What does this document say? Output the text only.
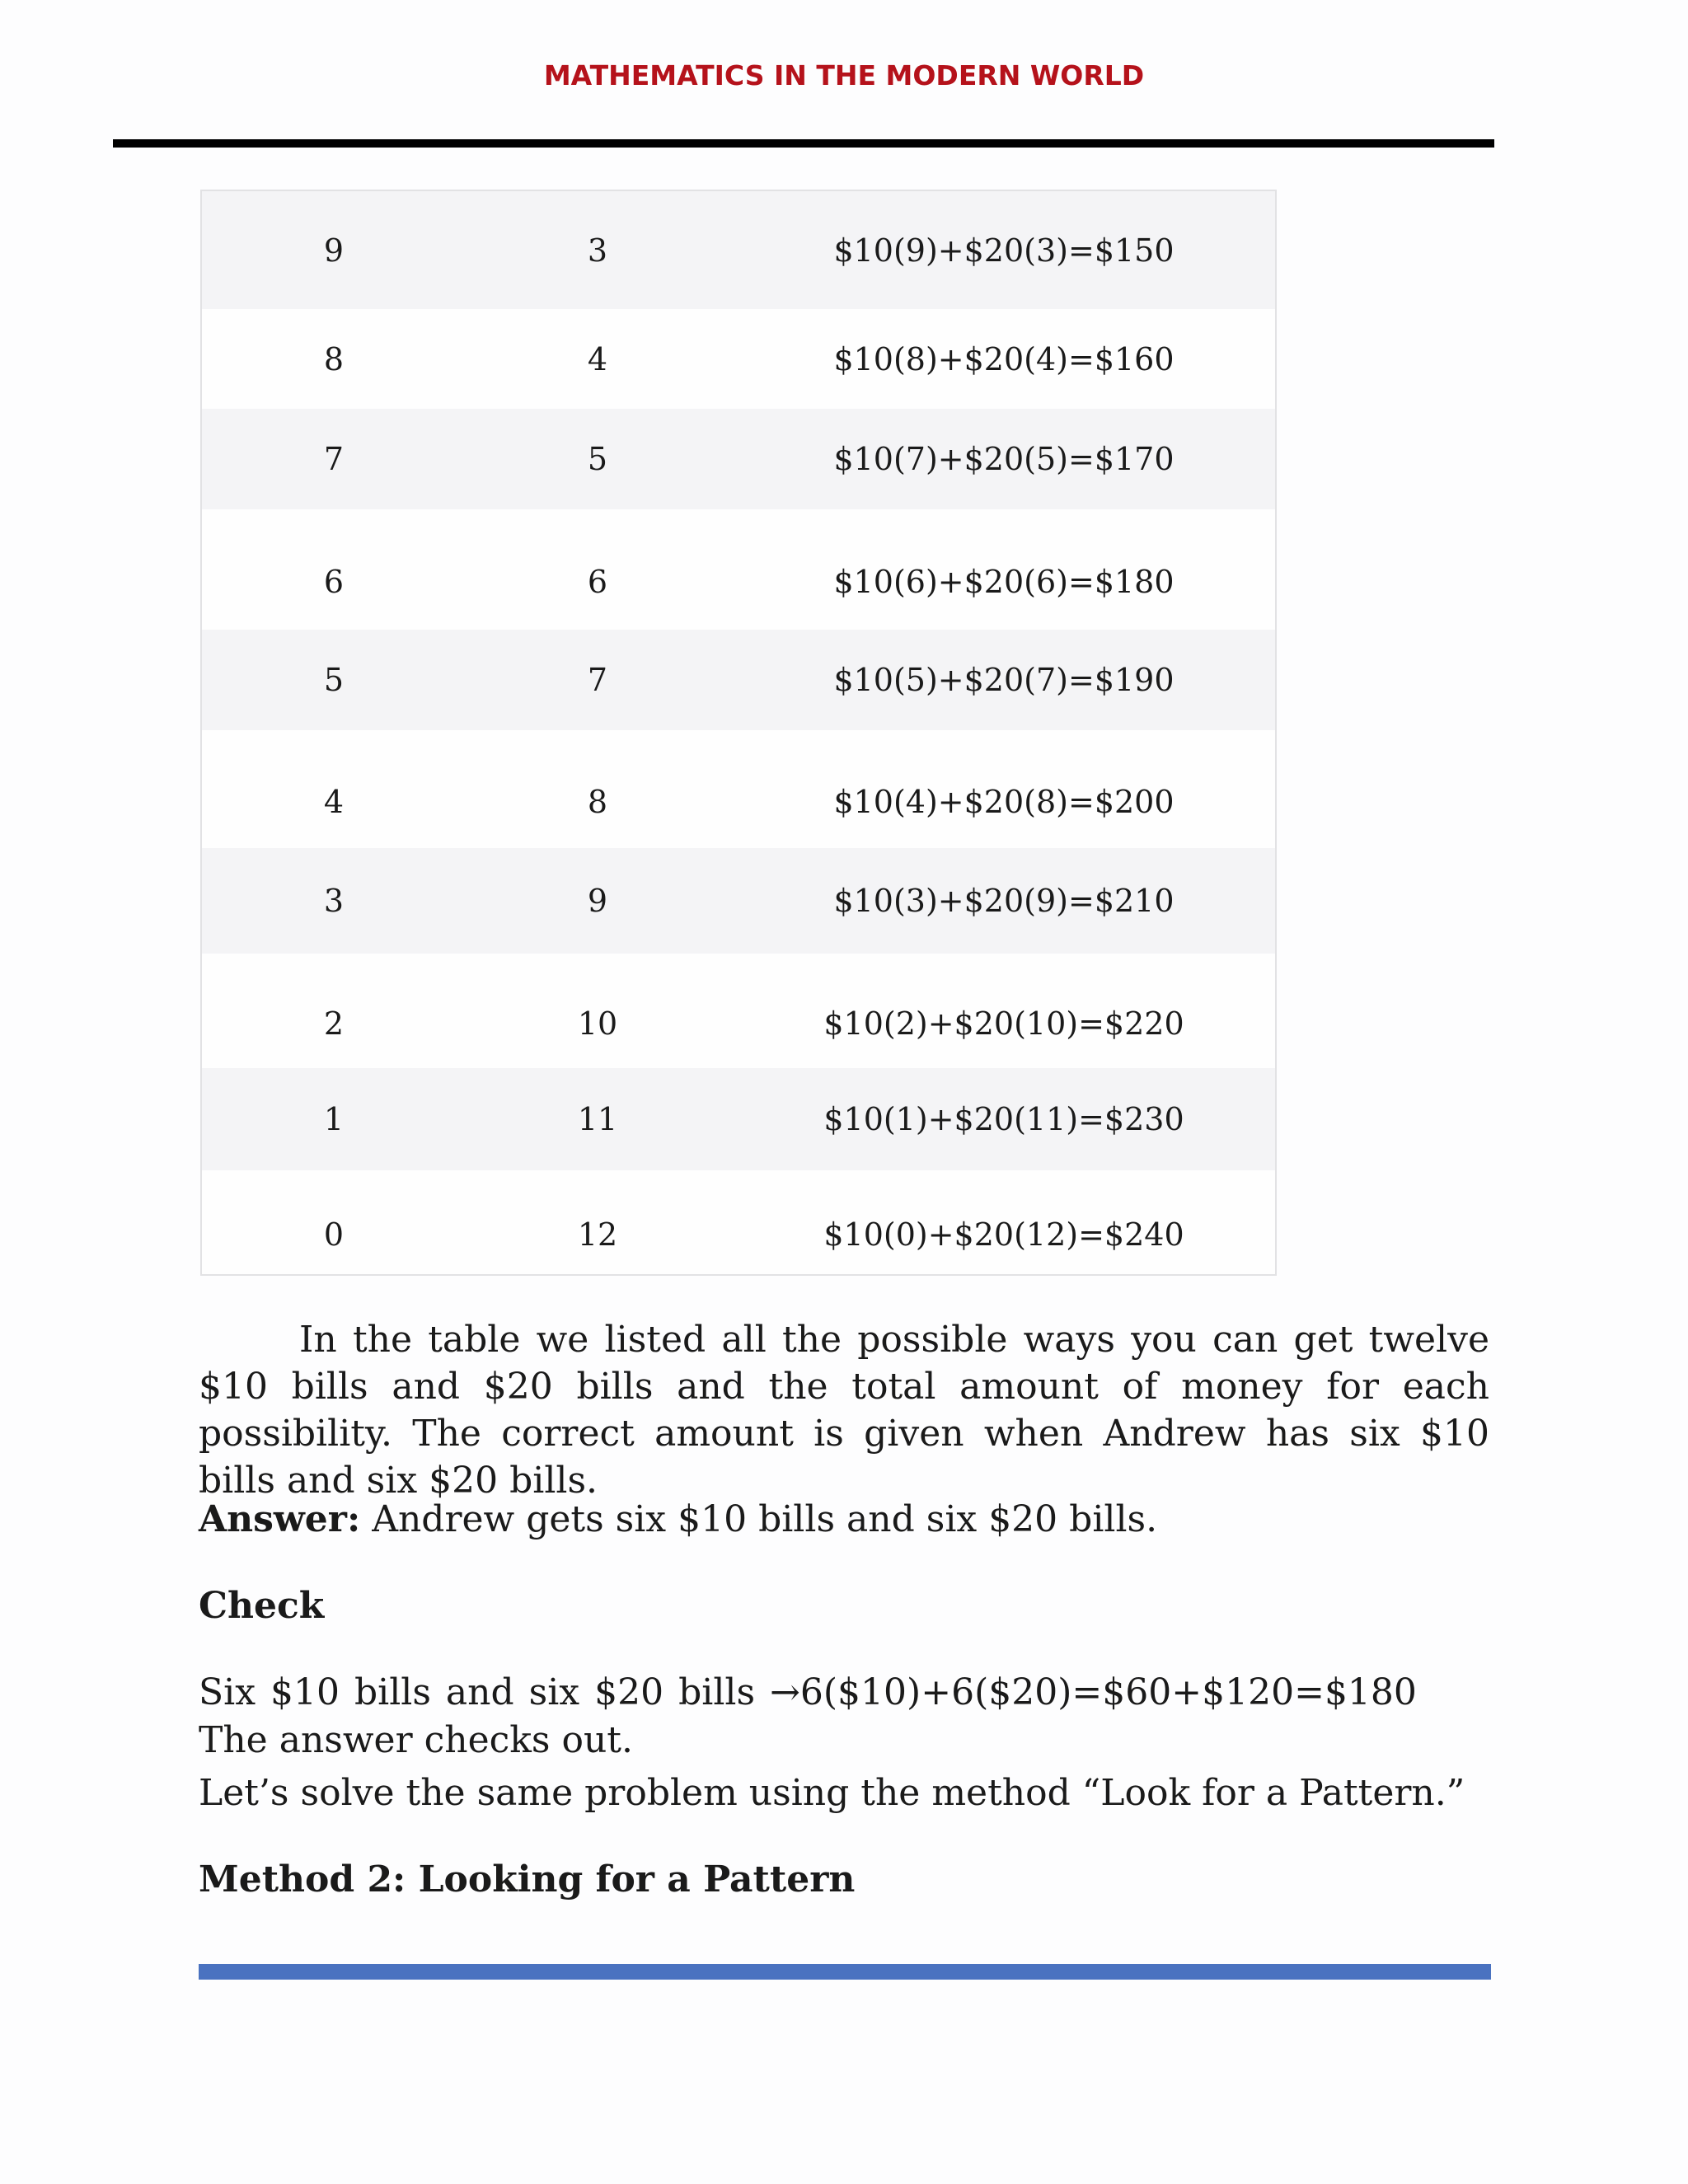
MATHEMATICS IN THE MODERN WORLD
9	3	$10(9)+$20(3)=$150
8	4	$10(8)+$20(4)=$160
7	5	$10(7)+$20(5)=$170
6	6	$10(6)+$20(6)=$180
5	7	$10(5)+$20(7)=$190
4	8	$10(4)+$20(8)=$200
3	9	$10(3)+$20(9)=$210
2	10	$10(2)+$20(10)=$220
1	11	$10(1)+$20(11)=$230
0	12	$10(0)+$20(12)=$240
In the table we listed all the possible ways you can get twelve $10 bills and $20 bills and the total amount of money for each possibility. The correct amount is given when Andrew has six $10 bills and six $20 bills.
Answer: Andrew gets six $10 bills and six $20 bills.
Check
Six $10 bills and six $20 bills →6($10)+6($20)=$60+$120=$180
The answer checks out.
Let’s solve the same problem using the method “Look for a Pattern.”
Method 2: Looking for a Pattern
